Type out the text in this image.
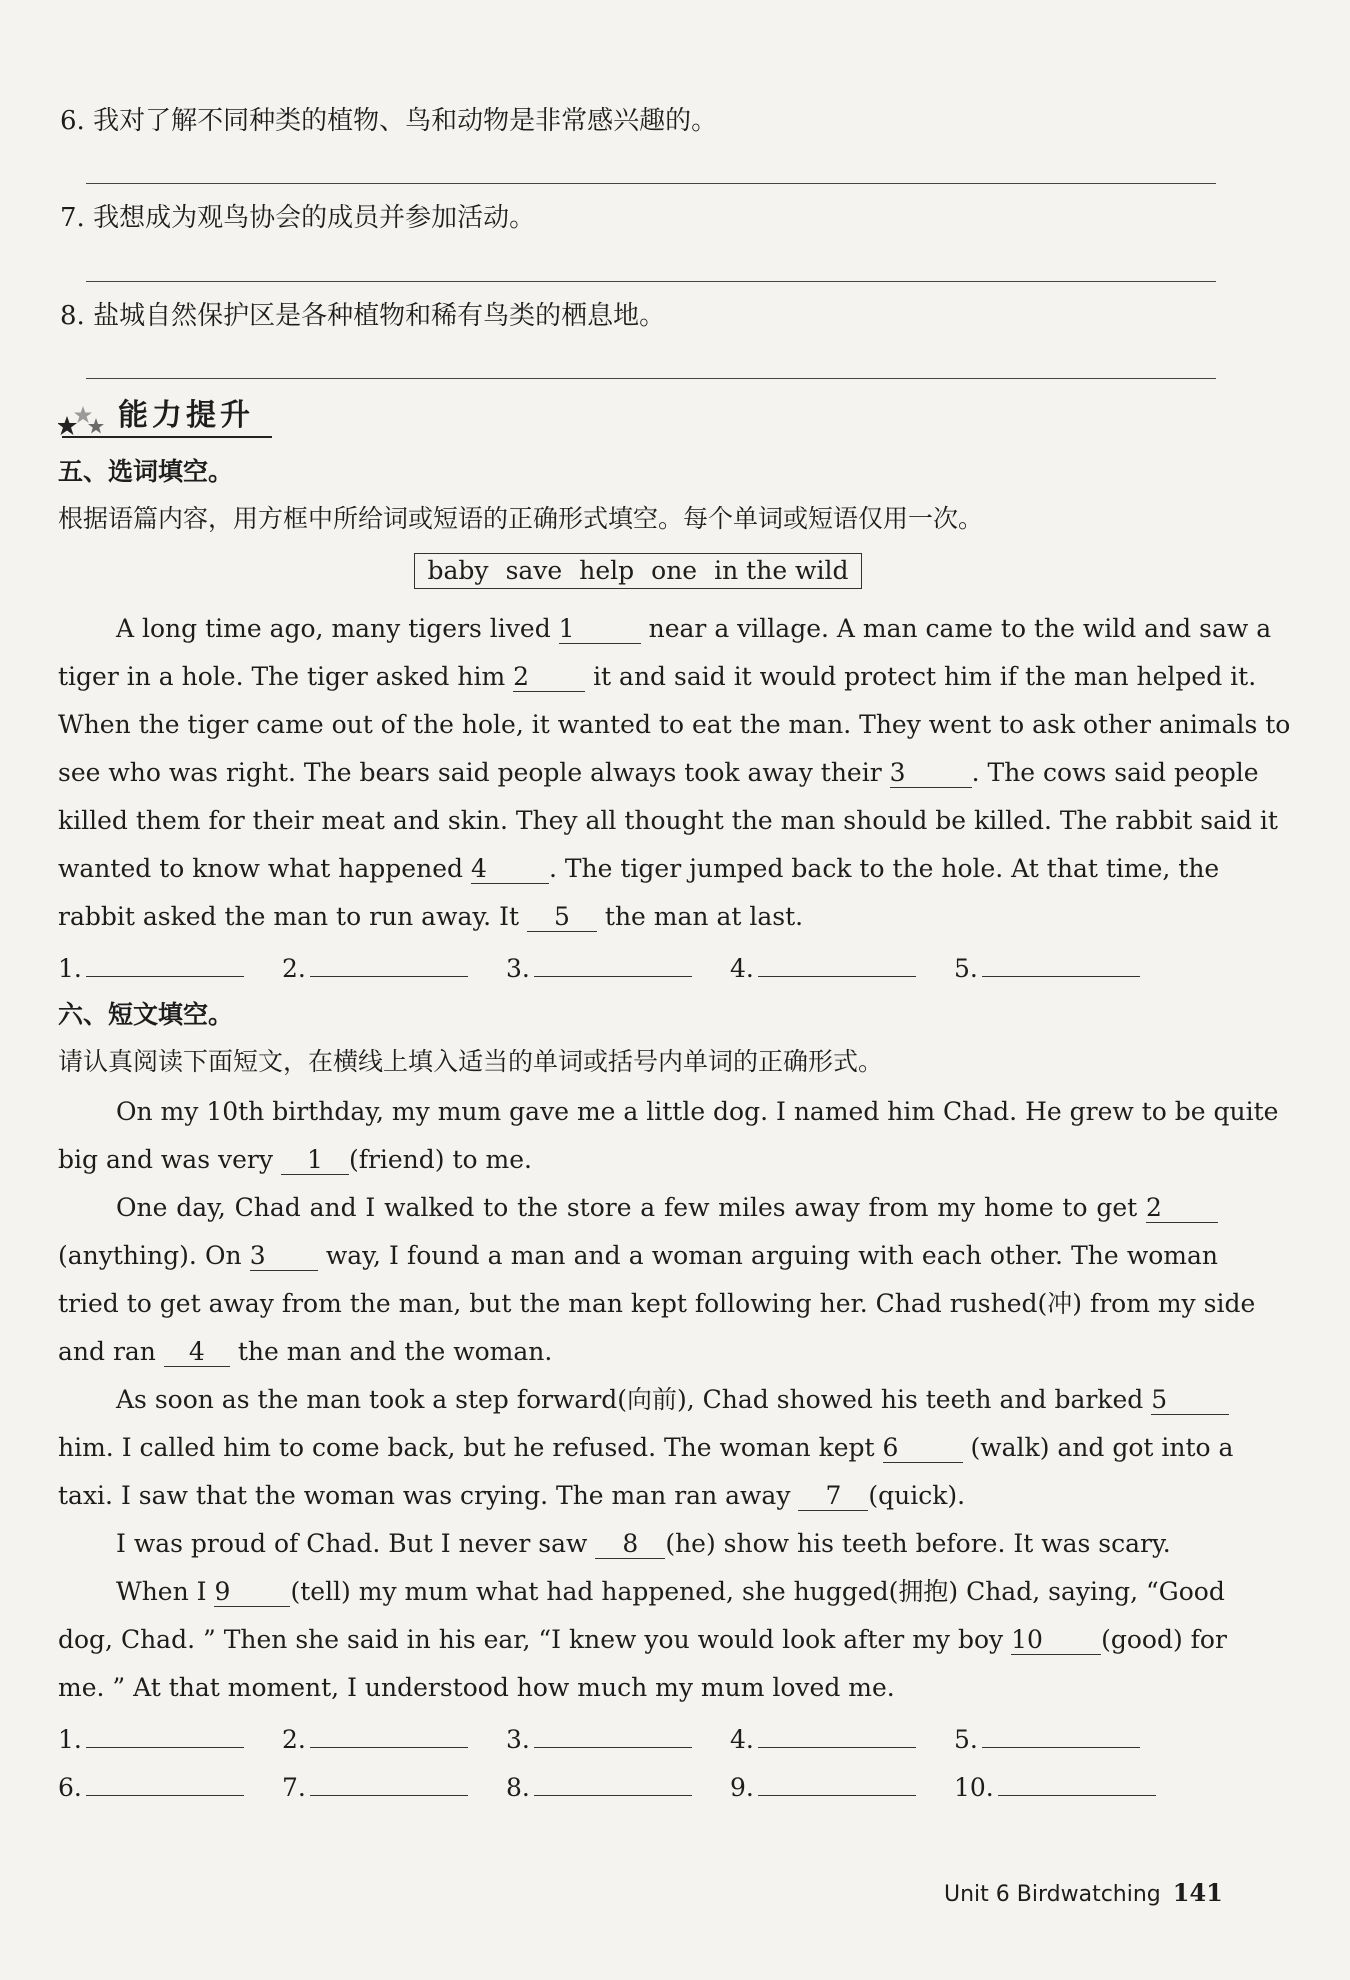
6. 我对了解不同种类的植物、鸟和动物是非常感兴趣的。
7. 我想成为观鸟协会的成员并参加活动。
8. 盐城自然保护区是各种植物和稀有鸟类的栖息地。
能力提升
五、选词填空。
根据语篇内容，用方框中所给词或短语的正确形式填空。每个单词或短语仅用一次。
baby save help one in the wild
A long time ago, many tigers lived 1	near a village. A man came to the wild and saw a
tiger in a hole. The tiger asked him 2	it and said it would protect him if the man helped it.
When the tiger came out of the hole, it wanted to eat the man. They went to ask other animals to
see who was right. The bears said people always took away their 3	. The cows said people
killed them for their meat and skin. They all thought the man should be killed. The rabbit said it
wanted to know what happened 4 . The tiger jumped back to the hole. At that time, the
rabbit asked the man to run away. It 5 the man at last.
1.	2.	3.	4.	5.
六、短文填空。
请认真阅读下面短文，在横线上填入适当的单词或括号内单词的正确形式。
On my 10th birthday, my mum gave me a little dog. I named him Chad. He grew to be quite
big and was very 1 (friend) to me.
One day, Chad and I walked to the store a few miles away from my home to get 2
(anything). On 3 way, I found a man and a woman arguing with each other. The woman
tried to get away from the man, but the man kept following her. Chad rushed(冲) from my side
and ran 4 the man and the woman.
As soon as the man took a step forward(向前), Chad showed his teeth and barked 5
him. I called him to come back, but he refused. The woman kept 6	(walk) and got into a
taxi. I saw that the woman was crying. The man ran away 7 (quick).
I was proud of Chad. But I never saw 8 (he) show his teeth before. It was scary.
When I 9 (tell) my mum what had happened, she hugged(拥抱) Chad, saying, “Good
dog, Chad. ” Then she said in his ear, “I knew you would look after my boy 10 (good) for
me. ” At that moment, I understood how much my mum loved me.
1.	2.	3.	4.	5.
6.	7.	8.	9.	10.
Unit 6 Birdwatching 141
